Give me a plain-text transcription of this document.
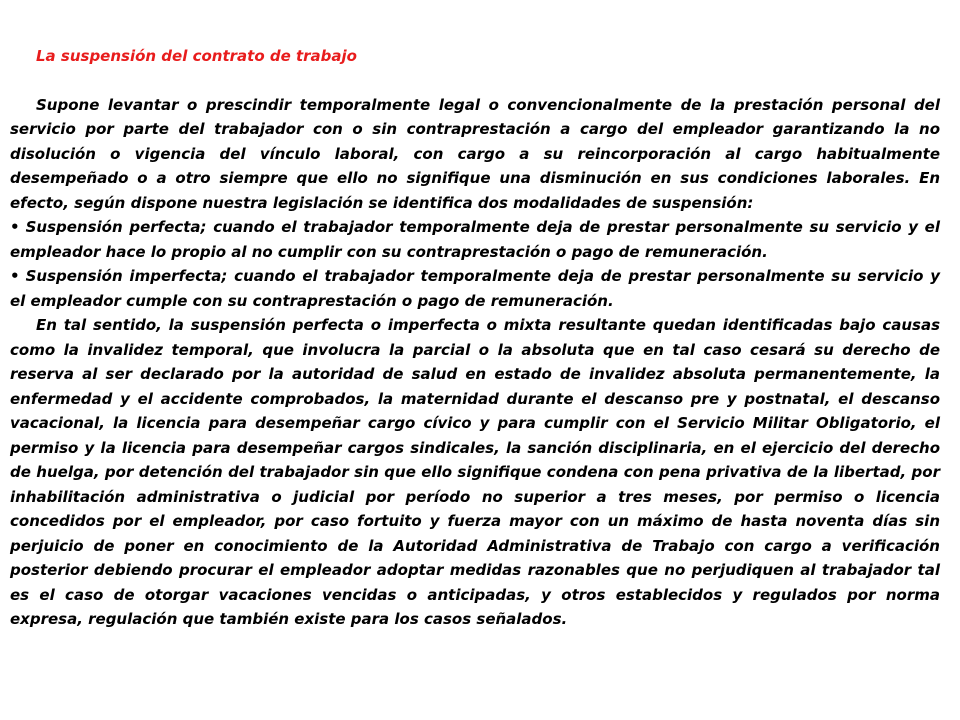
La suspensión del contrato de trabajo

Supone levantar o prescindir temporalmente legal o convencionalmente de la prestación personal del servicio por parte del trabajador con o sin contraprestación a cargo del empleador garantizando la no disolución o vigencia del vínculo laboral, con cargo a su reincorporación al cargo habitualmente desempeñado o a otro siempre que ello no signifique una disminución en sus condiciones laborales. En efecto, según dispone nuestra legislación se identifica dos modalidades de suspensión:

• Suspensión perfecta; cuando el trabajador temporalmente deja de prestar personalmente su servicio y el empleador hace lo propio al no cumplir con su contraprestación o pago de remuneración.

• Suspensión imperfecta; cuando el trabajador temporalmente deja de prestar personalmente su servicio y el empleador cumple con su contraprestación o pago de remuneración.

En tal sentido, la suspensión perfecta o imperfecta o mixta resultante quedan identificadas bajo causas como la invalidez temporal, que involucra la parcial o la absoluta que en tal caso cesará su derecho de reserva al ser declarado por la autoridad de salud en estado de invalidez absoluta permanentemente, la enfermedad y el accidente comprobados, la maternidad durante el descanso pre y postnatal, el descanso vacacional, la licencia para desempeñar cargo cívico y para cumplir con el Servicio Militar Obligatorio, el permiso y la licencia para desempeñar cargos sindicales, la sanción disciplinaria, en el ejercicio del derecho de huelga, por detención del trabajador sin que ello signifique condena con pena privativa de la libertad, por inhabilitación administrativa o judicial por período no superior a tres meses, por permiso o licencia concedidos por el empleador, por caso fortuito y fuerza mayor con un máximo de hasta noventa días sin perjuicio de poner en conocimiento de la Autoridad Administrativa de Trabajo con cargo a verificación posterior debiendo procurar el empleador adoptar medidas razonables que no perjudiquen al trabajador tal es el caso de otorgar vacaciones vencidas o anticipadas, y otros establecidos y regulados por norma expresa, regulación que también existe para los casos señalados.
